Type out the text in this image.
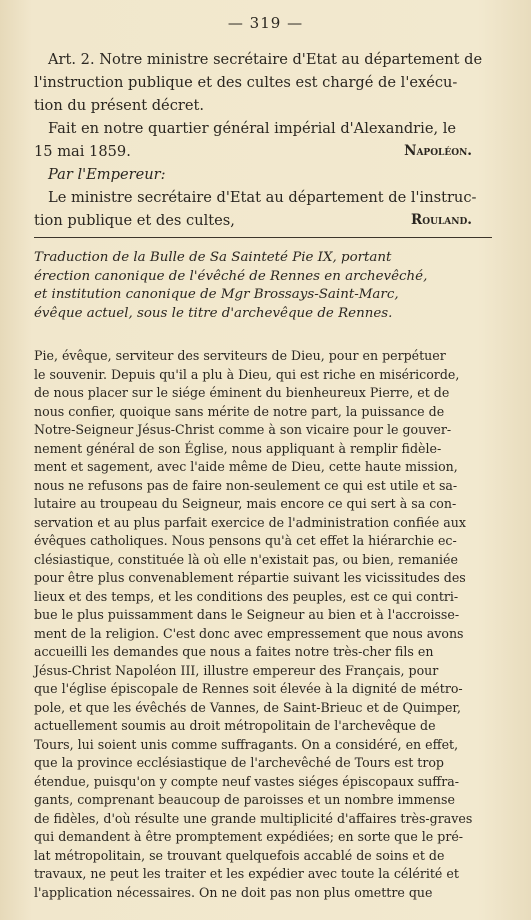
— 319 —

Art. 2. Notre ministre secrétaire d'Etat au département de

l'instruction publique et des cultes est chargé de l'exécu-

tion du présent décret.

Fait en notre quartier général impérial d'Alexandrie, le

15 mai 1859.	Napoléon.

Par l'Empereur:

Le ministre secrétaire d'Etat au département de l'instruc-

tion publique et des cultes,	Rouland.

Traduction de la Bulle de Sa Sainteté Pie IX, portant

érection canonique de l'évêché de Rennes en archevêché,

et institution canonique de Mgr Brossays-Saint-Marc,

évêque actuel, sous le titre d'archevêque de Rennes.

Pie, évêque, serviteur des serviteurs de Dieu, pour en perpétuer

le souvenir. Depuis qu'il a plu à Dieu, qui est riche en miséricorde,

de nous placer sur le siége éminent du bienheureux Pierre, et de

nous confier, quoique sans mérite de notre part, la puissance de

Notre-Seigneur Jésus-Christ comme à son vicaire pour le gouver-

nement général de son Église, nous appliquant à remplir fidèle-

ment et sagement, avec l'aide même de Dieu, cette haute mission,

nous ne refusons pas de faire non-seulement ce qui est utile et sa-

lutaire au troupeau du Seigneur, mais encore ce qui sert à sa con-

servation et au plus parfait exercice de l'administration confiée aux

évêques catholiques. Nous pensons qu'à cet effet la hiérarchie ec-

clésiastique, constituée là où elle n'existait pas, ou bien, remaniée

pour être plus convenablement répartie suivant les vicissitudes des

lieux et des temps, et les conditions des peuples, est ce qui contri-

bue le plus puissamment dans le Seigneur au bien et à l'accroisse-

ment de la religion. C'est donc avec empressement que nous avons

accueilli les demandes que nous a faites notre très-cher fils en

Jésus-Christ Napoléon III, illustre empereur des Français, pour

que l'église épiscopale de Rennes soit élevée à la dignité de métro-

pole, et que les évêchés de Vannes, de Saint-Brieuc et de Quimper,

actuellement soumis au droit métropolitain de l'archevêque de

Tours, lui soient unis comme suffragants. On a considéré, en effet,

que la province ecclésiastique de l'archevêché de Tours est trop

étendue, puisqu'on y compte neuf vastes siéges épiscopaux suffra-

gants, comprenant beaucoup de paroisses et un nombre immense

de fidèles, d'où résulte une grande multiplicité d'affaires très-graves

qui demandent à être promptement expédiées; en sorte que le pré-

lat métropolitain, se trouvant quelquefois accablé de soins et de

travaux, ne peut les traiter et les expédier avec toute la célérité et

l'application nécessaires. On ne doit pas non plus omettre que
